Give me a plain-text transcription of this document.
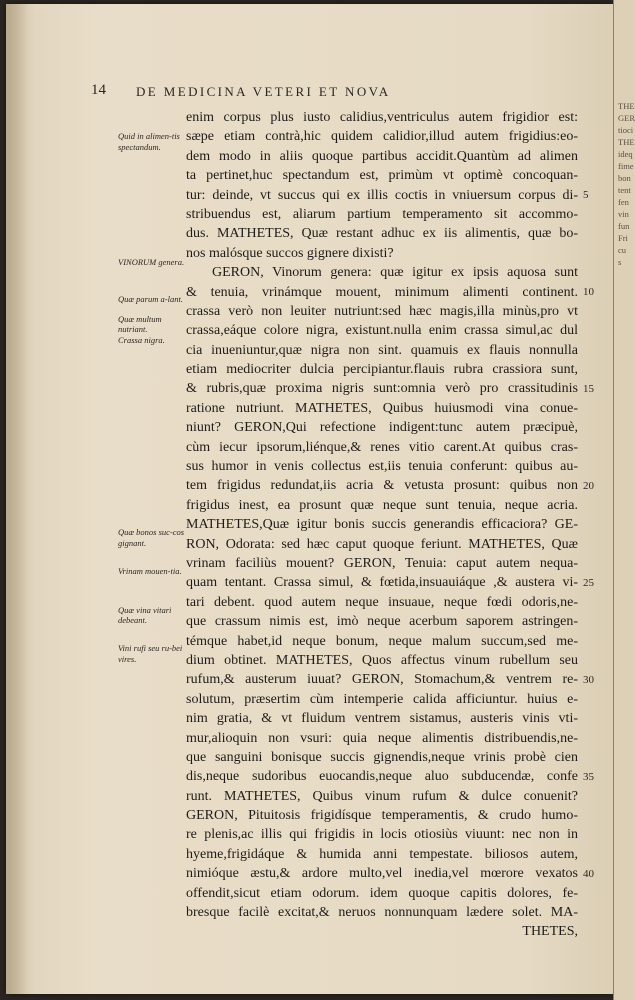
14 DE MEDICINA VETERI ET NOVA
enim corpus plus iusto calidius,ventriculus autem frigidior est:
sæpe etiam contrà,hic quidem calidior,illud autem frigidius:eo-
dem modo in aliis quoque partibus accidit.Quantùm ad alimen
ta pertinet,huc spectandum est, primùm vt optimè concoquan-
tur: deinde, vt succus qui ex illis coctis in vniuersum corpus di-
stribuendus est, aliarum partium temperamento sit accommo-
dus. MATHETES, Quæ restant adhuc ex iis alimentis, quæ bo-
nos malósque succos gignere dixisti?
GERON, Vinorum genera: quæ igitur ex ipsis aquosa sunt
& tenuia, vrinámque mouent, minimum alimenti continent.
crassa verò non leuiter nutriunt:sed hæc magis,illa minùs,pro vt
crassa,eáque colore nigra, existunt.nulla enim crassa simul,ac dul
cia inueniuntur,quæ nigra non sint. quamuis ex flauis nonnulla
etiam mediocriter dulcia percipiantur.flauis rubra crassiora sunt,
& rubris,quæ proxima nigris sunt:omnia verò pro crassitudinis
ratione nutriunt. MATHETES, Quibus huiusmodi vina conue-
niunt? GERON,Qui refectione indigent:tunc autem præcipuè,
cùm iecur ipsorum,liénque,& renes vitio carent.At quibus cras-
sus humor in venis collectus est,iis tenuia conferunt: quibus au-
tem frigidus redundat,iis acria & vetusta prosunt: quibus non
frigidus inest, ea prosunt quæ neque sunt tenuia, neque acria.
MATHETES,Quæ igitur bonis succis generandis efficaciora? GE-
RON, Odorata: sed hæc caput quoque feriunt. MATHETES, Quæ
vrinam faciliùs mouent? GERON, Tenuia: caput autem nequa-
quam tentant. Crassa simul, & fœtida,insuauiáque ,& austera vi-
tari debent. quod autem neque insuaue, neque fœdi odoris,ne-
que crassum nimis est, imò neque acerbum saporem astringen-
témque habet,id neque bonum, neque malum succum,sed me-
dium obtinet. MATHETES, Quos affectus vinum rubellum seu
rufum,& austerum iuuat? GERON, Stomachum,& ventrem re-
solutum, præsertim cùm intemperie calida afficiuntur. huius e-
nim gratia, & vt fluidum ventrem sistamus, austeris vinis vti-
mur,alioquin non vsuri: quia neque alimentis distribuendis,ne-
que sanguini bonisque succis gignendis,neque vrinis probè cien
dis,neque sudoribus euocandis,neque aluo subducendæ, confe
runt. MATHETES, Quibus vinum rufum & dulce conuenit?
GERON, Pituitosis frigidísque temperamentis, & crudo humo-
re plenis,ac illis qui frigidis in locis otiosiùs viuunt: nec non in
hyeme,frigidáque & humida anni tempestate. biliosos autem,
nimióque æstu,& ardore multo,vel inedia,vel mœrore vexatos
offendit,sicut etiam odorum. idem quoque capitis dolores, fe-
bresque facilè excitat,& neruos nonnunquam lædere solet. MA-
THETES,
Quid in alimen-tis spectandum.
VINORUM genera.
Quæ parum a-lant.
Quæ multum nutriant.
Crassa nigra.
Quæ bonos suc-cos gignant.
Vrinam mouen-tia.
Quæ vina vitari debeant.
Vini rufi seu ru-bei vires.
5
10
15
20
25
30
35
40
THE
GER
tioci
THE
ideq
fime
bon
tent
fen
vin
fun
Fri
cu
s
